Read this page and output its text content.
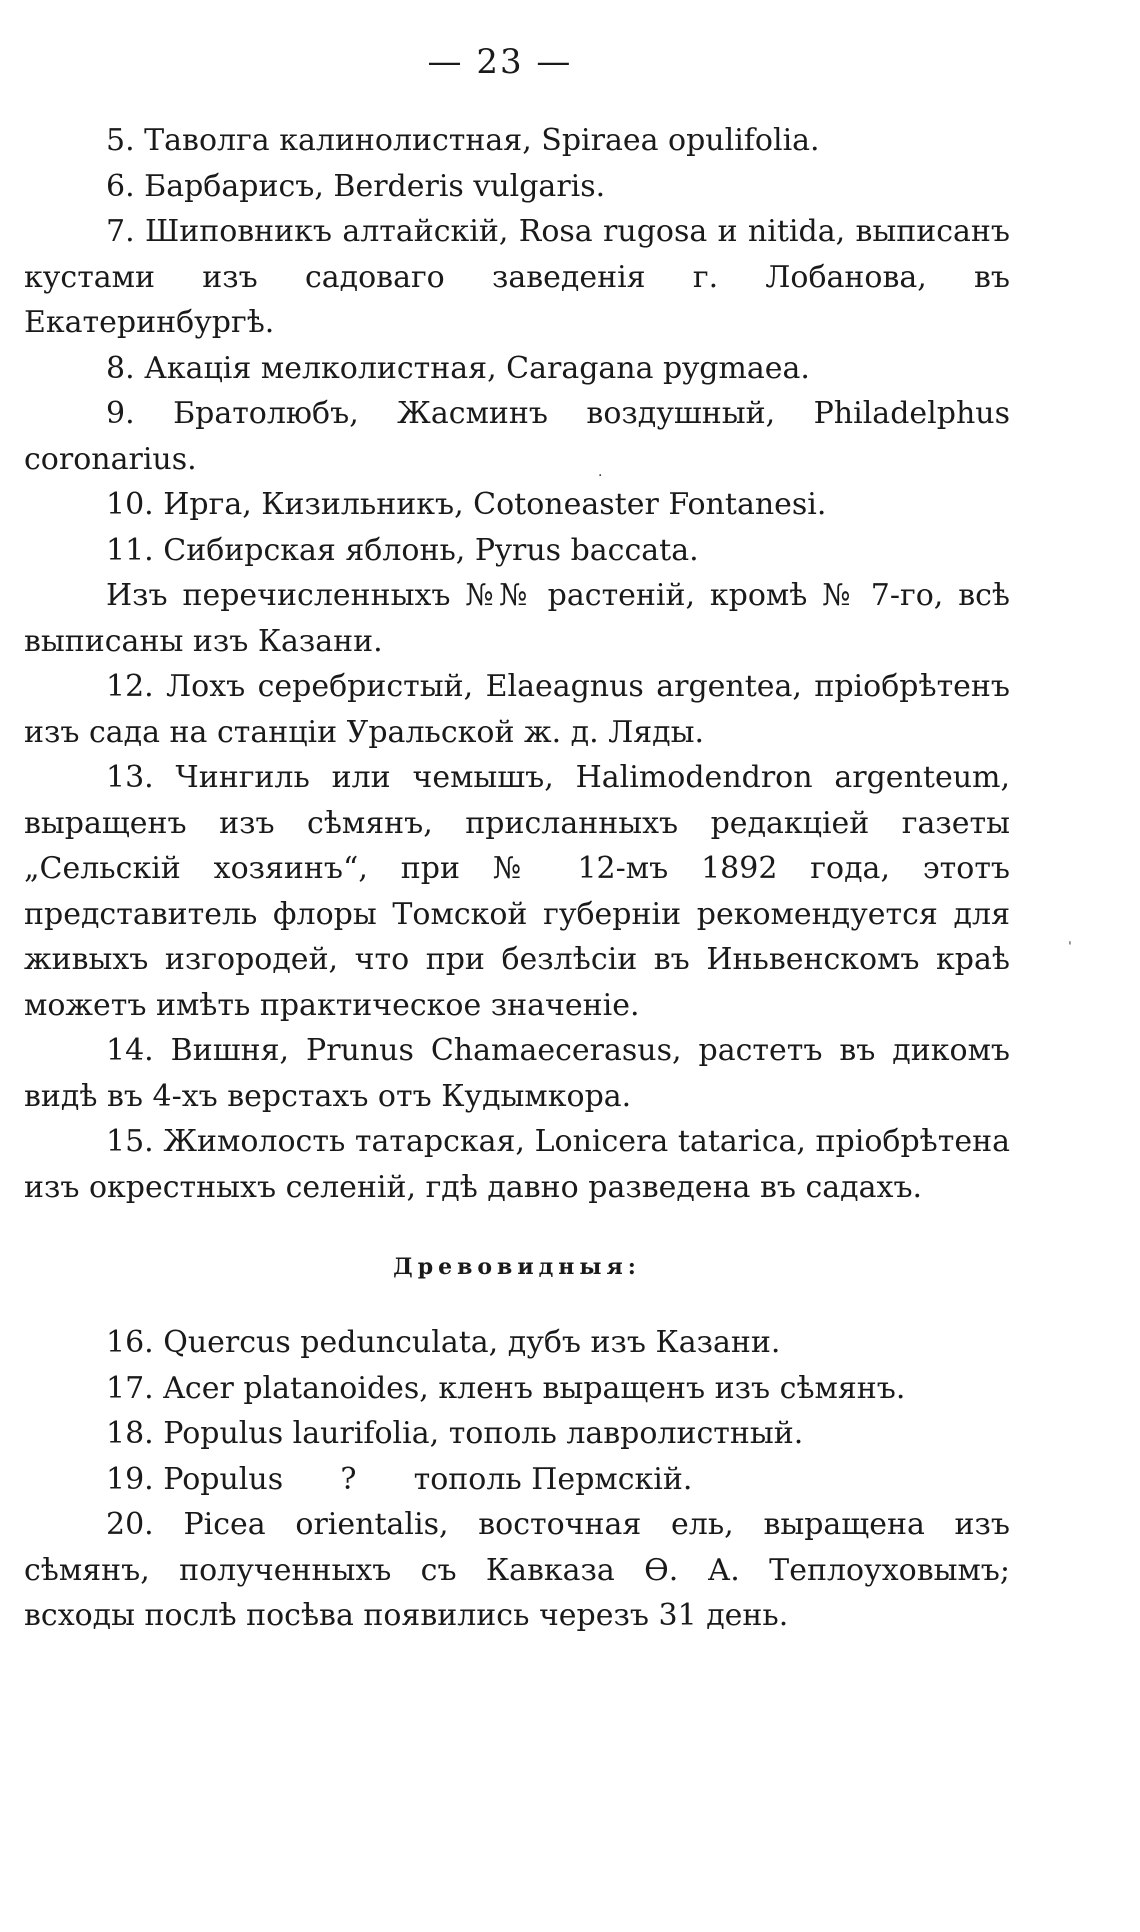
— 23 —

5. Таволга калинолистная, Spiraea opulifolia.

6. Барбарисъ, Berderis vulgaris.

7. Шиповникъ алтайскій, Rosa rugosa и nitida, выписанъ кустами изъ садоваго заведенія г. Лобанова, въ Екатеринбургѣ.

8. Акація мелколистная, Caragana pygmaea.

9. Братолюбъ, Жасминъ воздушный, Philadelphus coronarius.

10. Ирга, Кизильникъ, Cotoneaster Fontanesi.

11. Сибирская яблонь, Pyrus baccata.

Изъ перечисленныхъ №№ растеній, кромѣ № 7-го, всѣ выписаны изъ Казани.

12. Лохъ серебристый, Elaeagnus argentea, пріобрѣтенъ изъ сада на станціи Уральской ж. д. Ляды.

13. Чингиль или чемышъ, Halimodendron argenteum, выращенъ изъ сѣмянъ, присланныхъ редакціей газеты „Сельскій хозяинъ“, при № 12-мъ 1892 года, этотъ представитель флоры Томской губерніи рекомендуется для живыхъ изгородей, что при безлѣсіи въ Иньвенскомъ краѣ можетъ имѣть практическое значеніе.

14. Вишня, Prunus Chamaecerasus, растетъ въ дикомъ видѣ въ 4-хъ верстахъ отъ Кудымкора.

15. Жимолость татарская, Lonicera tatarica, пріобрѣтена изъ окрестныхъ селеній, гдѣ давно разведена въ садахъ.

Древовидныя:

16. Quercus pedunculata, дубъ изъ Казани.

17. Acer platanoides, кленъ выращенъ изъ сѣмянъ.

18. Populus laurifolia, тополь лавролистный.

19. Populus      ?      тополь Пермскій.

20. Picea orientalis, восточная ель, выращена изъ сѣмянъ, полученныхъ съ Кавказа Ѳ. А. Теплоуховымъ; всходы послѣ посѣва появились черезъ 31 день.

·
ˈ
